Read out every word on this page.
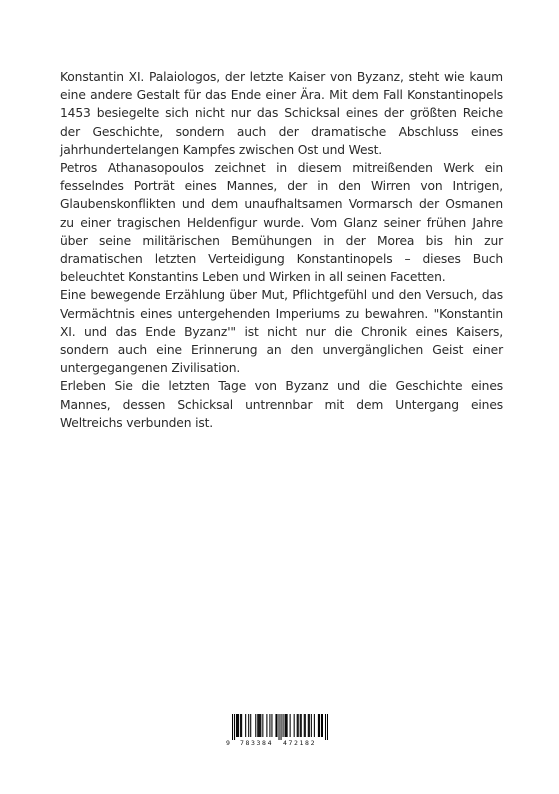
Konstantin XI. Palaiologos, der letzte Kaiser von Byzanz, steht wie kaum eine andere Gestalt für das Ende einer Ära. Mit dem Fall Konstantinopels 1453 besiegelte sich nicht nur das Schicksal eines der größten Reiche der Geschichte, sondern auch der dramatische Abschluss eines jahrhundertelangen Kampfes zwischen Ost und West.

Petros Athanasopoulos zeichnet in diesem mitreißenden Werk ein fesselndes Porträt eines Mannes, der in den Wirren von Intrigen, Glaubenskonflikten und dem unaufhaltsamen Vormarsch der Osmanen zu einer tragischen Heldenfigur wurde. Vom Glanz seiner frühen Jahre über seine militärischen Bemühungen in der Morea bis hin zur dramatischen letzten Verteidigung Konstantinopels – dieses Buch beleuchtet Konstantins Leben und Wirken in all seinen Facetten.

Eine bewegende Erzählung über Mut, Pflichtgefühl und den Versuch, das Vermächtnis eines untergehenden Imperiums zu bewahren. "Konstantin XI. und das Ende Byzanz'" ist nicht nur die Chronik eines Kaisers, sondern auch eine Erinnerung an den unvergänglichen Geist einer untergegangenen Zivilisation.

Erleben Sie die letzten Tage von Byzanz und die Geschichte eines Mannes, dessen Schicksal untrennbar mit dem Untergang eines Weltreichs verbunden ist.

9 783384 472182
